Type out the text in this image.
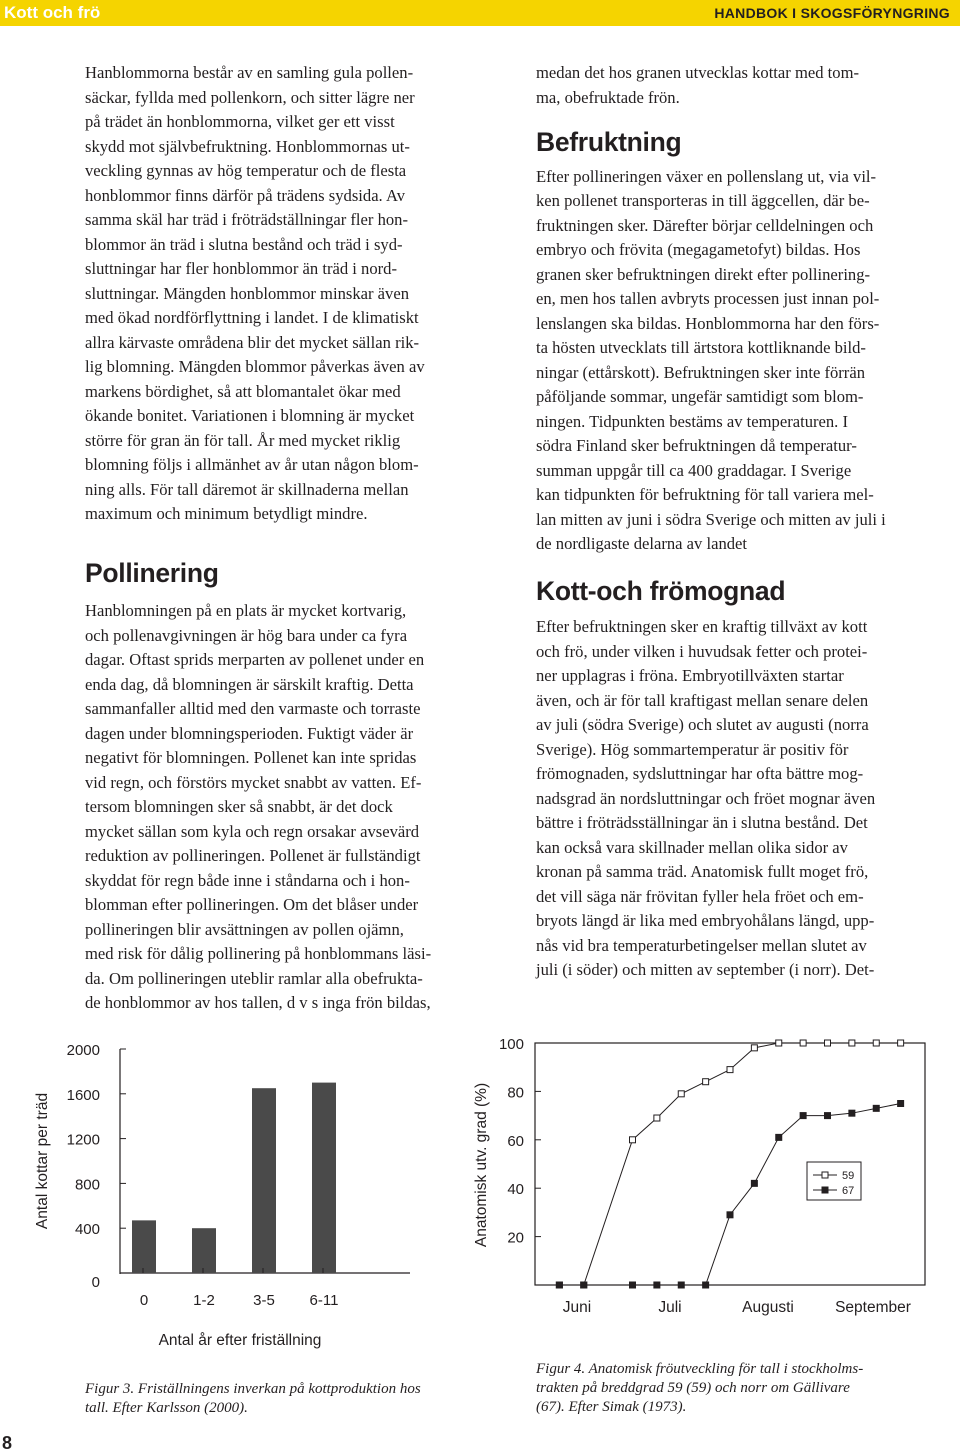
Kott och frö	HANDBOK I SKOGSFÖRYNGRING
Hanblommorna består av en samling gula pollen-
säckar, fyllda med pollenkorn, och sitter lägre ner
på trädet än honblommorna, vilket ger ett visst
skydd mot självbefruktning. Honblommornas ut-
veckling gynnas av hög temperatur och de flesta
honblommor finns därför på trädens sydsida. Av
samma skäl har träd i fröträdställningar fler hon-
blommor än träd i slutna bestånd och träd i syd-
sluttningar har fler honblommor än träd i nord-
sluttningar. Mängden honblommor minskar även
med ökad nordförflyttning i landet. I de klimatiskt
allra kärvaste områdena blir det mycket sällan rik-
lig blomning. Mängden blommor påverkas även av
markens bördighet, så att blomantalet ökar med
ökande bonitet. Variationen i blomning är mycket
större för gran än för tall. År med mycket riklig
blomning följs i allmänhet av år utan någon blom-
ning alls. För tall däremot är skillnaderna mellan
maximum och minimum betydligt mindre.
Pollinering
Hanblomningen på en plats är mycket kortvarig,
och pollenavgivningen är hög bara under ca fyra
dagar. Oftast sprids merparten av pollenet under en
enda dag, då blomningen är särskilt kraftig. Detta
sammanfaller alltid med den varmaste och torraste
dagen under blomningsperioden. Fuktigt väder är
negativt för blomningen. Pollenet kan inte spridas
vid regn, och förstörs mycket snabbt av vatten. Ef-
tersom blomningen sker så snabbt, är det dock
mycket sällan som kyla och regn orsakar avsevärd
reduktion av pollineringen. Pollenet är fullständigt
skyddat för regn både inne i ståndarna och i hon-
blomman efter pollineringen. Om det blåser under
pollineringen blir avsättningen av pollen ojämn,
med risk för dålig pollinering på honblommans läsi-
da. Om pollineringen uteblir ramlar alla obefrukta-
de honblommor av hos tallen, d v s inga frön bildas,
medan det hos granen utvecklas kottar med tom-
ma, obefruktade frön.
Befruktning
Efter pollineringen växer en pollenslang ut, via vil-
ken pollenet transporteras in till äggcellen, där be-
fruktningen sker. Därefter börjar celldelningen och
embryo och frövita (megagametofyt) bildas. Hos
granen sker befruktningen direkt efter pollinering-
en, men hos tallen avbryts processen just innan pol-
lenslangen ska bildas. Honblommorna har den förs-
ta hösten utvecklats till ärtstora kottliknande bild-
ningar (ettårskott). Befruktningen sker inte förrän
påföljande sommar, ungefär samtidigt som blom-
ningen. Tidpunkten bestäms av temperaturen. I
södra Finland sker befruktningen då temperatur-
summan uppgår till ca 400 graddagar. I Sverige
kan tidpunkten för befruktning för tall variera mel-
lan mitten av juni i södra Sverige och mitten av juli i
de nordligaste delarna av landet
Kott-och frömognad
Efter befruktningen sker en kraftig tillväxt av kott
och frö, under vilken i huvudsak fetter och protei-
ner upplagras i fröna. Embryotillväxten startar
även, och är för tall kraftigast mellan senare delen
av juli (södra Sverige) och slutet av augusti (norra
Sverige). Hög sommartemperatur är positiv för
frömognaden, sydsluttningar har ofta bättre mog-
nadsgrad än nordsluttningar och fröet mognar även
bättre i fröträdsställningar än i slutna bestånd. Det
kan också vara skillnader mellan olika sidor av
kronan på samma träd. Anatomisk fullt moget frö,
det vill säga när frövitan fyller hela fröet och em-
bryots längd är lika med embryohålans längd, upp-
nås vid bra temperaturbetingelser mellan slutet av
juli (i söder) och mitten av september (i norr). Det-
0
400
800
1200
1600
2000
0	1-2	3-5 6-11
Antal år efter friställning
Antal kottar per träd
Figur 3. Friställningens inverkan på kottproduktion hos
tall. Efter Karlsson (2000).
20
40
60
80
100
Juni	Juli	Augusti	September
59
67
Anatomisk utv. grad (%)
Figur 4. Anatomisk fröutveckling för tall i stockholms-
trakten på breddgrad 59 (59) och norr om Gällivare
(67). Efter Simak (1973).
8
